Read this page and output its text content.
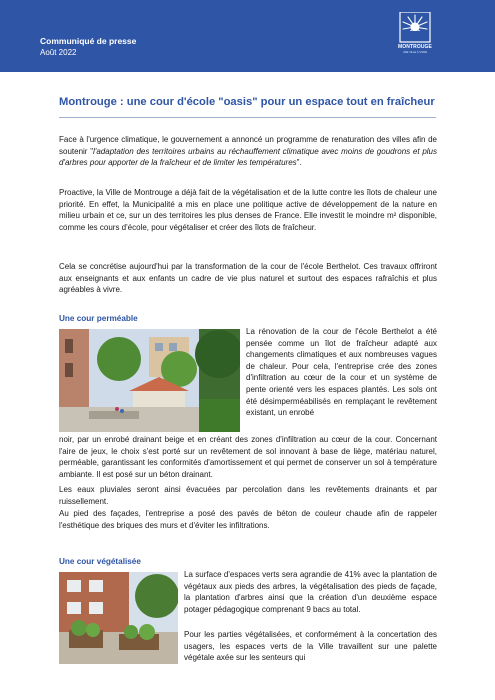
Communiqué de presse
Août 2022
MONTROUGE
UNE VILLE À VIVRE
Montrouge : une cour d'école "oasis" pour un espace tout en fraîcheur

Face à l'urgence climatique, le gouvernement a annoncé un programme de renaturation des villes afin de soutenir "l'adaptation des territoires urbains au réchauffement climatique avec moins de goudrons et plus d'arbres pour apporter de la fraîcheur et de limiter les températures".

Proactive, la Ville de Montrouge a déjà fait de la végétalisation et de la lutte contre les îlots de chaleur une priorité. En effet, la Municipalité a mis en place une politique active de développement de la nature en milieu urbain et ce, sur un des territoires les plus denses de France. Elle investit le moindre m² disponible, comme les cours d'école, pour végétaliser et créer des îlots de fraîcheur.

Cela se concrétise aujourd'hui par la transformation de la cour de l'école Berthelot. Ces travaux offriront aux enseignants et aux enfants un cadre de vie plus naturel et surtout des espaces rafraîchis et plus agréables à vivre.

Une cour perméable

La rénovation de la cour de l'école Berthelot a été pensée comme un îlot de fraîcheur adapté aux changements climatiques et aux nombreuses vagues de chaleur. Pour cela, l'entreprise crée des zones d'infiltration au cœur de la cour et un système de pente orienté vers les espaces plantés. Les sols ont été désimperméabilisés en remplaçant le revêtement existant, un enrobé

noir, par un enrobé drainant beige et en créant des zones d'infiltration au cœur de la cour. Concernant l'aire de jeux, le choix s'est porté sur un revêtement de sol innovant à base de liège, matériau naturel, perméable, garantissant les conformités d'amortissement et qui permet de conserver un sol à température ambiante. Il est posé sur un béton drainant.

Les eaux pluviales seront ainsi évacuées par percolation dans les revêtements drainants et par ruissellement.

Au pied des façades, l'entreprise a posé des pavés de béton de couleur chaude afin de rappeler l'esthétique des briques des murs et d'éviter les infiltrations.

Une cour végétalisée

La surface d'espaces verts sera agrandie de 41% avec la plantation de végétaux aux pieds des arbres, la végétalisation des pieds de façade, la plantation d'arbres ainsi que la création d'un deuxième espace potager pédagogique comprenant 9 bacs au total.

Pour les parties végétalisées, et conformément à la concertation des usagers, les espaces verts de la Ville travaillent sur une palette végétale axée sur les senteurs qui
